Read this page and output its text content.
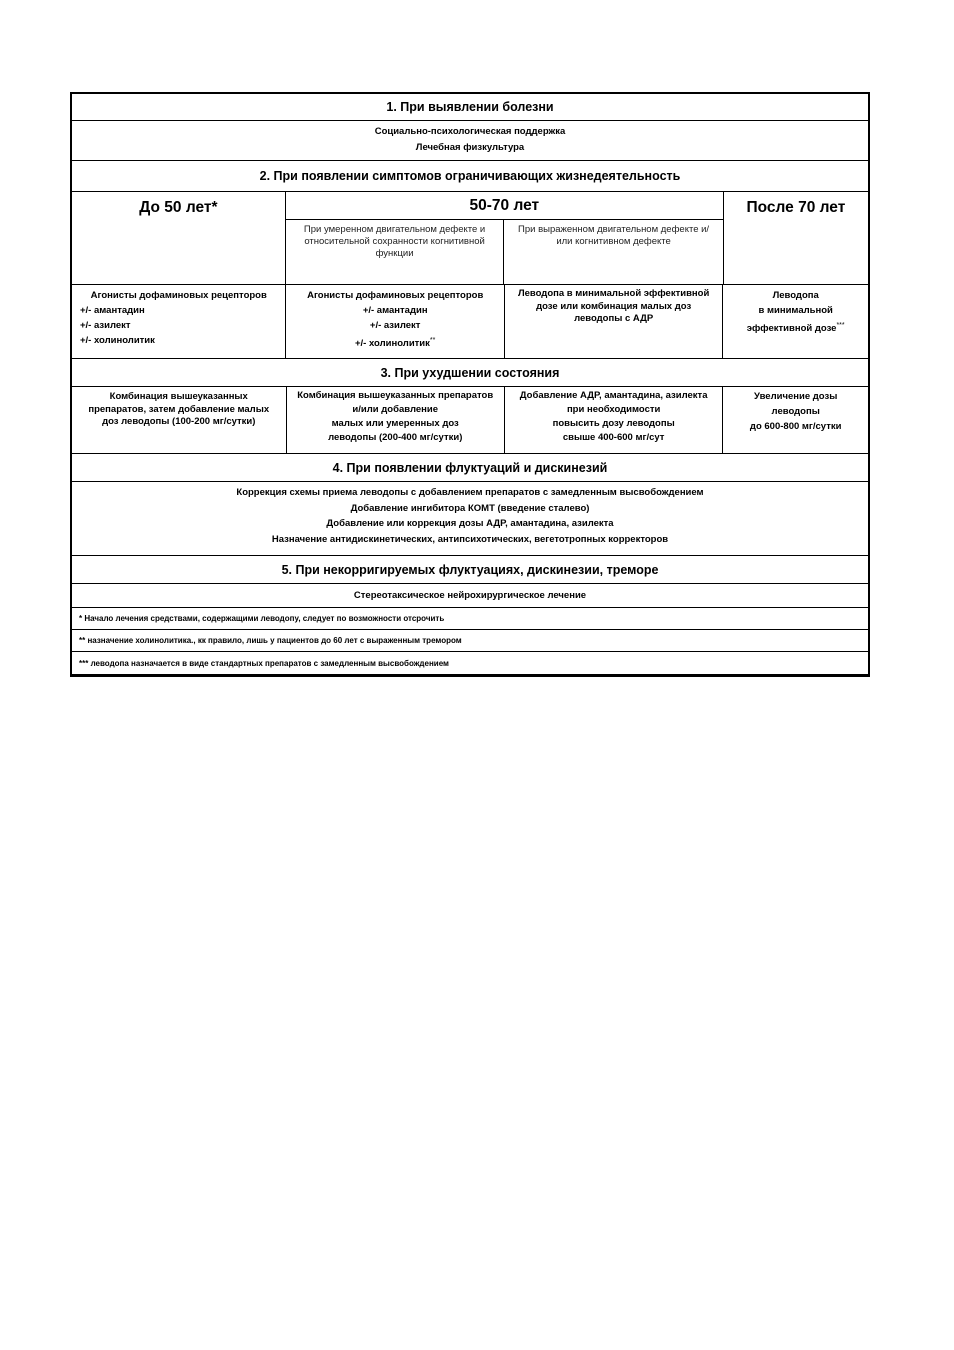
1. При выявлении болезни
Социально-психологическая поддержка
Лечебная физкультура
2. При появлении симптомов ограничивающих жизнедеятельность
До 50 лет*	50-70 лет
При умеренном двигательном дефекте и относительной сохранности когнитивной функции
При выраженном двигательном дефекте и/или когнитивном дефекте
После 70 лет
Агонисты дофаминовых рецепторов
+/- амантадин
+/- азилект
+/- холинолитик
Агонисты дофаминовых рецепторов
+/- амантадин
+/- азилект
+/- холинолитик**
Леводопа в минимальной эффективной дозе или комбинация малых доз леводопы с АДР
Леводопа
в минимальной
эффективной дозе***
3. При ухудшении состояния
Комбинация вышеуказанных препаратов, затем добавление малых доз леводопы (100-200 мг/сутки)
Комбинация вышеуказанных препаратов
и/или добавление
малых или умеренных доз
леводопы (200-400 мг/сутки)
Добавление АДР, амантадина, азилекта
при необходимости
повысить дозу леводопы
свыше 400-600 мг/сут
Увеличение дозы
леводопы
до 600-800 мг/сутки
4. При появлении флуктуаций и дискинезий
Коррекция схемы приема леводопы с добавлением препаратов с замедленным высвобождением
Добавление ингибитора КОМТ (введение сталево)
Добавление или коррекция дозы АДР, амантадина, азилекта
Назначение антидискинетических, антипсихотических, вегетотропных корректоров
5. При некорригируемых флуктуациях, дискинезии, треморе
Стереотаксическое нейрохирургическое лечение
* Начало лечения средствами, содержащими леводопу, следует по возможности отсрочить
** назначение холинолитика., кк правило, лишь у пациентов до 60 лет с выраженным тремором
*** леводопа назначается в виде стандартных препаратов с замедленным высвобождением
